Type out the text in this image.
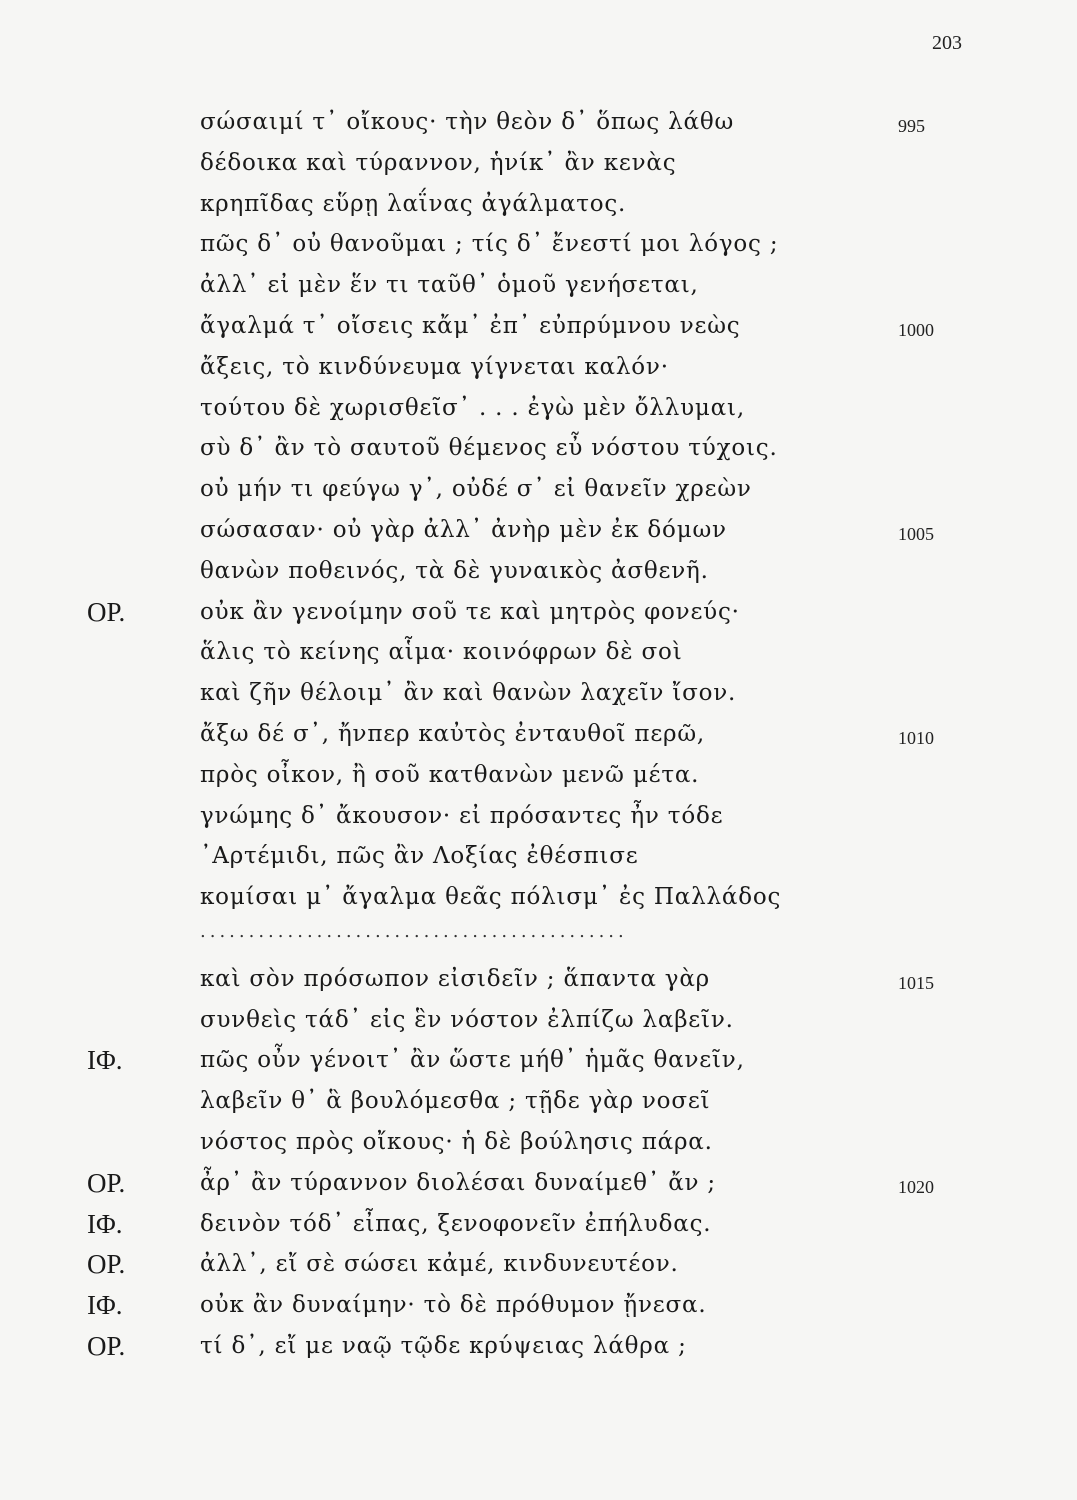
203
σώσαιμί τ᾿ οἴκους· τὴν θεὸν δ᾿ ὅπως λάθω	995
δέδοικα καὶ τύραννον, ἡνίκ᾿ ἂν κενὰς
κρηπῖδας εὕρῃ λαΐνας ἀγάλματος.
πῶς δ᾿ οὐ θανοῦμαι ; τίς δ᾿ ἔνεστί μοι λόγος ;
ἀλλ᾿ εἰ μὲν ἕν τι ταῦθ᾿ ὁμοῦ γενήσεται,
ἄγαλμά τ᾿ οἴσεις κἄμ᾿ ἐπ᾿ εὐπρύμνου νεὼς	1000
ἄξεις, τὸ κινδύνευμα γίγνεται καλόν·
τούτου δὲ χωρισθεῖσ᾿ . . . ἐγὼ μὲν ὄλλυμαι,
σὺ δ᾿ ἂν τὸ σαυτοῦ θέμενος εὖ νόστου τύχοις.
οὐ μήν τι φεύγω γ᾿, οὐδέ σ᾿ εἰ θανεῖν χρεὼν
σώσασαν· οὐ γὰρ ἀλλ᾿ ἀνὴρ μὲν ἐκ δόμων	1005
θανὼν ποθεινός, τὰ δὲ γυναικὸς ἀσθενῆ.
ΟΡ.	οὐκ ἂν γενοίμην σοῦ τε καὶ μητρὸς φονεύς·
ἅλις τὸ κείνης αἷμα· κοινόφρων δὲ σοὶ
καὶ ζῆν θέλοιμ᾿ ἂν καὶ θανὼν λαχεῖν ἴσον.
ἄξω δέ σ᾿, ἤνπερ καὐτὸς ἐνταυθοῖ περῶ,	1010
πρὸς οἶκον, ἢ σοῦ κατθανὼν μενῶ μέτα.
γνώμης δ᾿ ἄκουσον· εἰ πρόσαντες ἦν τόδε
᾿Αρτέμιδι, πῶς ἂν Λοξίας ἐθέσπισε
κομίσαι μ᾿ ἄγαλμα θεᾶς πόλισμ᾿ ἐς Παλλάδος
............................................
καὶ σὸν πρόσωπον εἰσιδεῖν ; ἅπαντα γὰρ	1015
συνθεὶς τάδ᾿ εἰς ἓν νόστον ἐλπίζω λαβεῖν.
ΙΦ.	πῶς οὖν γένοιτ᾿ ἂν ὥστε μήθ᾿ ἡμᾶς θανεῖν,
λαβεῖν θ᾿ ἃ βουλόμεσθα ; τῇδε γὰρ νοσεῖ
νόστος πρὸς οἴκους· ἡ δὲ βούλησις πάρα.
ΟΡ.	ἆρ᾿ ἂν τύραννον διολέσαι δυναίμεθ᾿ ἄν ;	1020
ΙΦ.	δεινὸν τόδ᾿ εἶπας, ξενοφονεῖν ἐπήλυδας.
ΟΡ.	ἀλλ᾿, εἴ σὲ σώσει κἀμέ, κινδυνευτέον.
ΙΦ.	οὐκ ἂν δυναίμην· τὸ δὲ πρόθυμον ᾔνεσα.
ΟΡ.	τί δ᾿, εἴ με ναῷ τῷδε κρύψειας λάθρα ;
